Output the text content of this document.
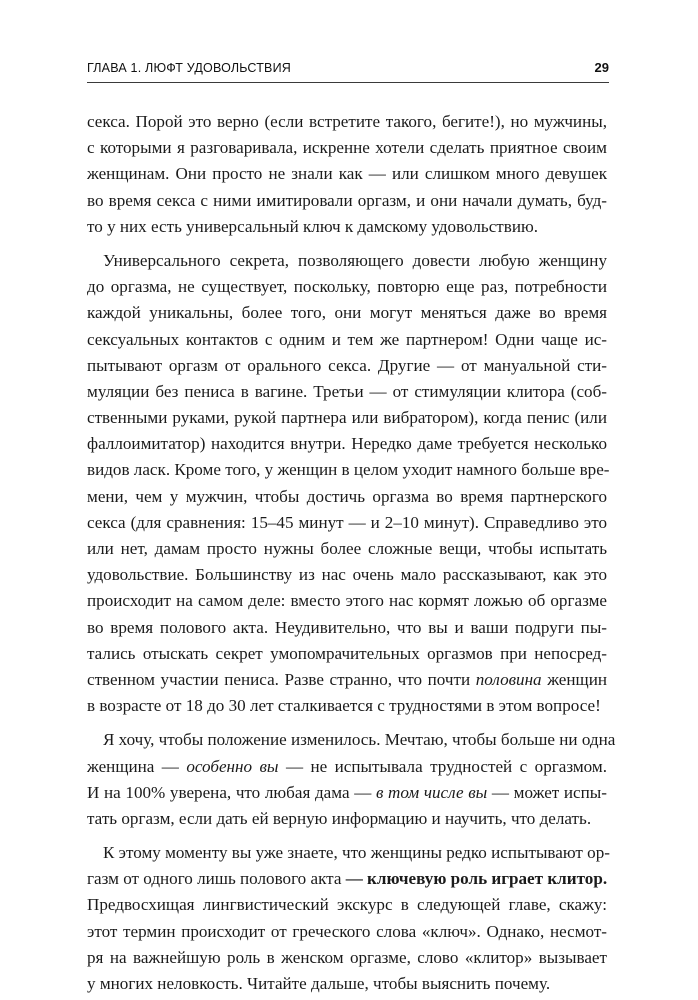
ГЛАВА 1. ЛЮФТ УДОВОЛЬСТВИЯ	29
секса. Порой это верно (если встретите такого, бегите!), но мужчины,
с которыми я разговаривала, искренне хотели сделать приятное своим
женщинам. Они просто не знали как — или слишком много девушек
во время секса с ними имитировали оргазм, и они начали думать, буд-
то у них есть универсальный ключ к дамскому удовольствию.
Универсального секрета, позволяющего довести любую женщину
до оргазма, не существует, поскольку, повторю еще раз, потребности
каждой уникальны, более того, они могут меняться даже во время
сексуальных контактов с одним и тем же партнером! Одни чаще ис-
пытывают оргазм от орального секса. Другие — от мануальной сти-
муляции без пениса в вагине. Третьи — от стимуляции клитора (соб-
ственными руками, рукой партнера или вибратором), когда пенис (или
фаллоимитатор) находится внутри. Нередко даме требуется несколько
видов ласк. Кроме того, у женщин в целом уходит намного больше вре-
мени, чем у мужчин, чтобы достичь оргазма во время партнерского
секса (для сравнения: 15–45 минут — и 2–10 минут). Справедливо это
или нет, дамам просто нужны более сложные вещи, чтобы испытать
удовольствие. Большинству из нас очень мало рассказывают, как это
происходит на самом деле: вместо этого нас кормят ложью об оргазме
во время полового акта. Неудивительно, что вы и ваши подруги пы-
тались отыскать секрет умопомрачительных оргазмов при непосред-
ственном участии пениса. Разве странно, что почти половина женщин
в возрасте от 18 до 30 лет сталкивается с трудностями в этом вопросе!
Я хочу, чтобы положение изменилось. Мечтаю, чтобы больше ни одна
женщина — особенно вы — не испытывала трудностей с оргазмом.
И на 100% уверена, что любая дама — в том числе вы — может испы-
тать оргазм, если дать ей верную информацию и научить, что делать.
К этому моменту вы уже знаете, что женщины редко испытывают ор-
газм от одного лишь полового акта — ключевую роль играет клитор.
Предвосхищая лингвистический экскурс в следующей главе, скажу:
этот термин происходит от греческого слова «ключ». Однако, несмот-
ря на важнейшую роль в женском оргазме, слово «клитор» вызывает
у многих неловкость. Читайте дальше, чтобы выяснить почему.
